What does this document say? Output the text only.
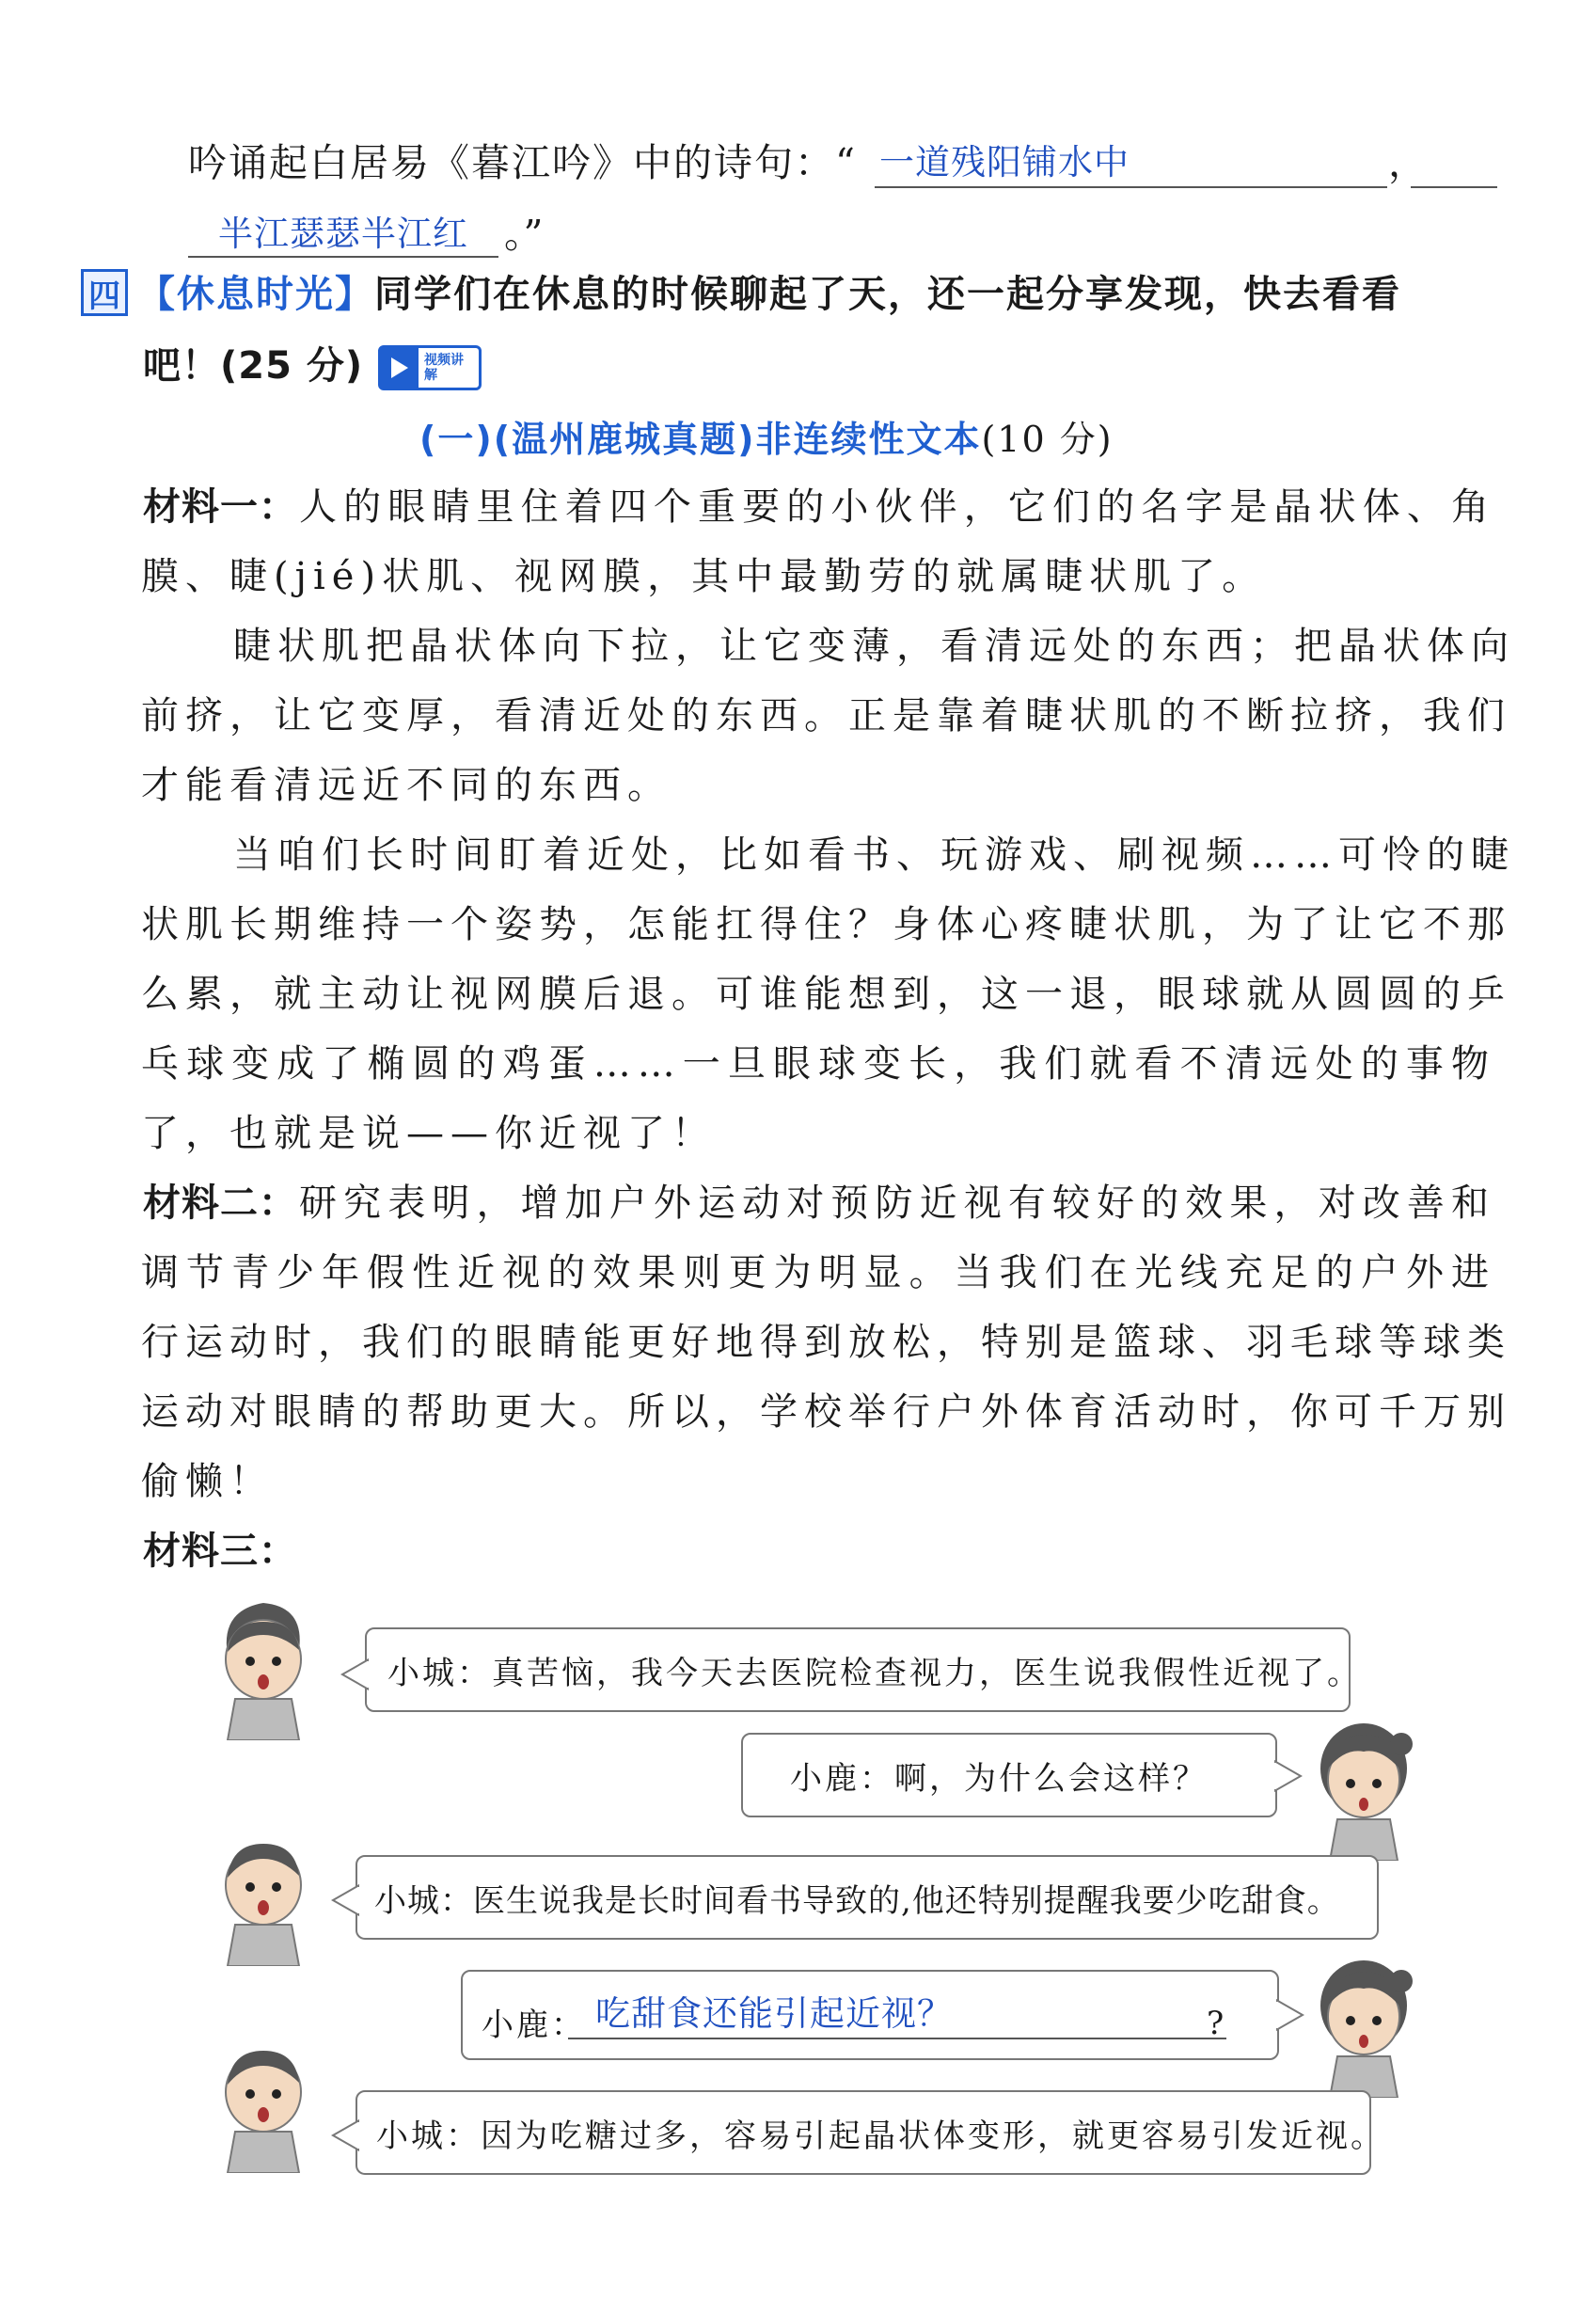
吟诵起白居易《暮江吟》中的诗句：“ 一道残阳铺水中	，
半江瑟瑟半江红 。”
四 【休息时光】同学们在休息的时候聊起了天，还一起分享发现，快去看看
吧！(25 分)	视频讲解
(一)(温州鹿城真题)非连续性文本(10 分)
材料一： 人的眼睛里住着四个重要的小伙伴，它们的名字是晶状体、角
膜、睫(jié)状肌、视网膜，其中最勤劳的就属睫状肌了。
睫状肌把晶状体向下拉，让它变薄，看清远处的东西；把晶状体向
前挤，让它变厚，看清近处的东西。正是靠着睫状肌的不断拉挤，我们
才能看清远近不同的东西。
当咱们长时间盯着近处，比如看书、玩游戏、刷视频……可怜的睫
状肌长期维持一个姿势，怎能扛得住？身体心疼睫状肌，为了让它不那
么累，就主动让视网膜后退。可谁能想到，这一退，眼球就从圆圆的乒
乓球变成了椭圆的鸡蛋……一旦眼球变长，我们就看不清远处的事物
了，也就是说——你近视了！
材料二： 研究表明，增加户外运动对预防近视有较好的效果，对改善和
调节青少年假性近视的效果则更为明显。当我们在光线充足的户外进
行运动时，我们的眼睛能更好地得到放松，特别是篮球、羽毛球等球类
运动对眼睛的帮助更大。所以，学校举行户外体育活动时，你可千万别
偷懒！
材料三：
小城： 真苦恼，我今天去医院检查视力，医生说我假性近视了。
小鹿： 啊，为什么会这样？
小城： 医生说我是长时间看书导致的,他还特别提醒我要少吃甜食。
小鹿： 吃甜食还能引起近视？	?
小城： 因为吃糖过多，容易引起晶状体变形，就更容易引发近视。
